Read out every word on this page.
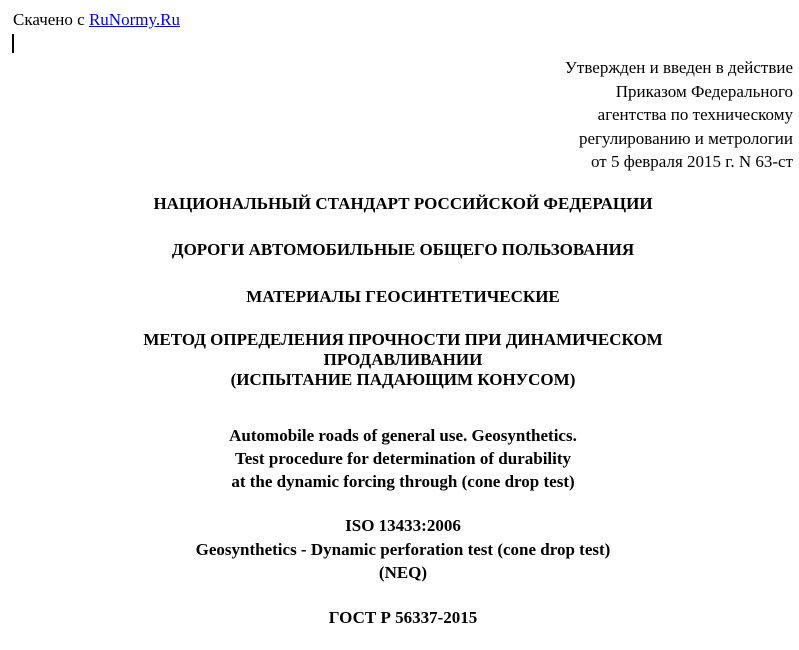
Скачено с RuNormy.Ru
Утвержден и введен в действие
Приказом Федерального
агентства по техническому
регулированию и метрологии
от 5 февраля 2015 г. N 63-ст
НАЦИОНАЛЬНЫЙ СТАНДАРТ РОССИЙСКОЙ ФЕДЕРАЦИИ
ДОРОГИ АВТОМОБИЛЬНЫЕ ОБЩЕГО ПОЛЬЗОВАНИЯ
МАТЕРИАЛЫ ГЕОСИНТЕТИЧЕСКИЕ
МЕТОД ОПРЕДЕЛЕНИЯ ПРОЧНОСТИ ПРИ ДИНАМИЧЕСКОМ
ПРОДАВЛИВАНИИ
(ИСПЫТАНИЕ ПАДАЮЩИМ КОНУСОМ)
Automobile roads of general use. Geosynthetics.
Test procedure for determination of durability
at the dynamic forcing through (cone drop test)
ISO 13433:2006
Geosynthetics - Dynamic perforation test (cone drop test)
(NEQ)
ГОСТ Р 56337-2015
